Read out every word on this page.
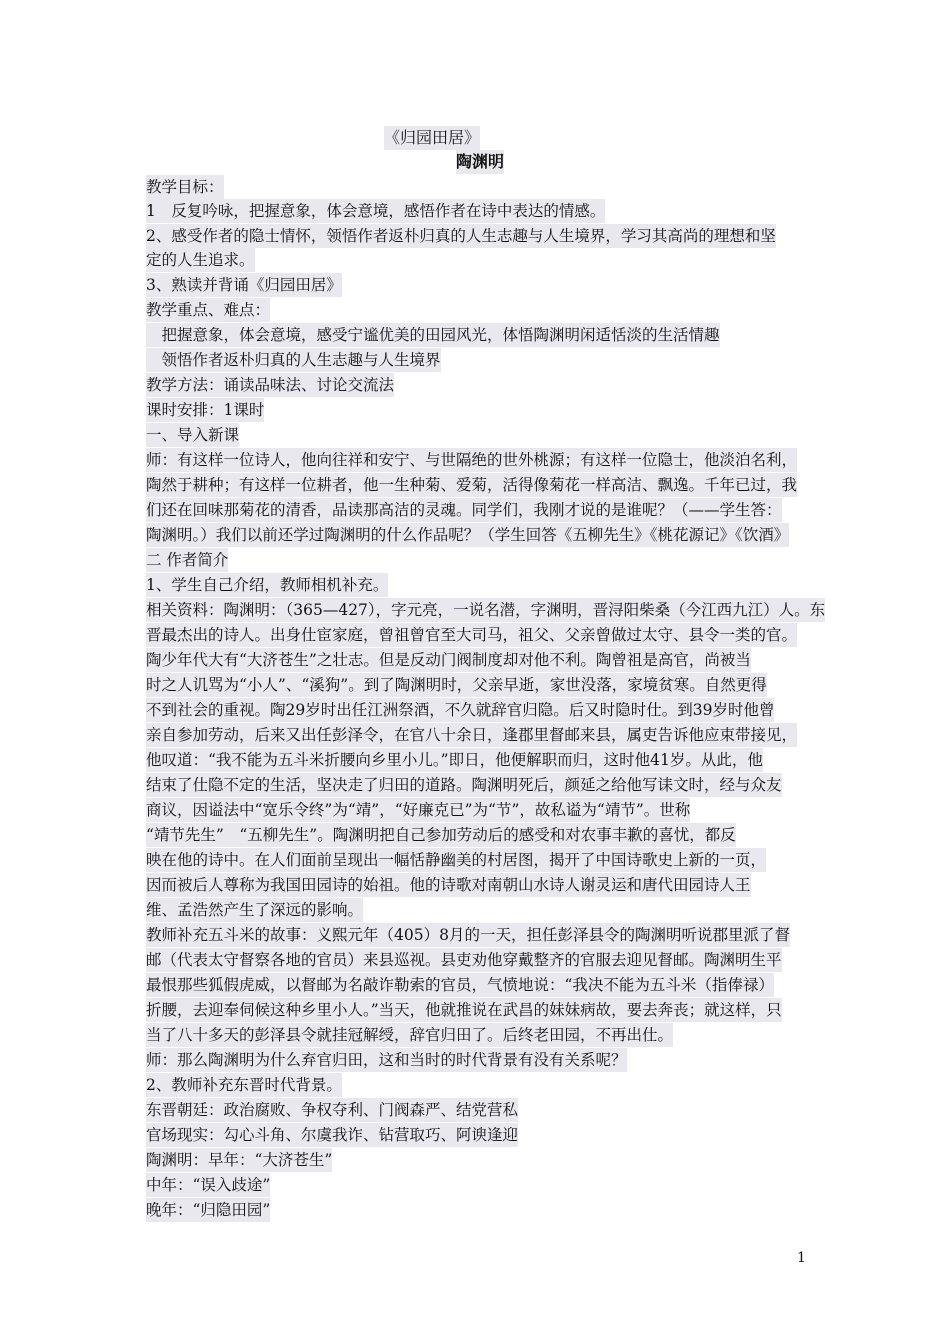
《归园田居》
陶渊明
教学目标：
1　反复吟咏，把握意象，体会意境，感悟作者在诗中表达的情感。
2、感受作者的隐士情怀，领悟作者返朴归真的人生志趣与人生境界，学习其高尚的理想和坚
定的人生追求。
3、熟读并背诵《归园田居》
教学重点、难点：
　把握意象，体会意境，感受宁谧优美的田园风光，体悟陶渊明闲适恬淡的生活情趣
　领悟作者返朴归真的人生志趣与人生境界
教学方法：诵读品味法、讨论交流法
课时安排：1课时
一、导入新课
师：有这样一位诗人，他向往祥和安宁、与世隔绝的世外桃源；有这样一位隐士，他淡泊名利，
陶然于耕种；有这样一位耕者，他一生种菊、爱菊，活得像菊花一样高洁、飘逸。千年已过，我
们还在回味那菊花的清香，品读那高洁的灵魂。同学们，我刚才说的是谁呢？（——学生答：
陶渊明。）我们以前还学过陶渊明的什么作品呢？（学生回答《五柳先生》《桃花源记》《饮酒》
二 作者简介
1、学生自己介绍，教师相机补充。
相关资料：陶渊明：（365—427），字元亮，一说名潜，字渊明，晋浔阳柴桑（今江西九江）人。东
晋最杰出的诗人。出身仕宦家庭，曾祖曾官至大司马，祖父、父亲曾做过太守、县令一类的官。
陶少年代大有“大济苍生”之壮志。但是反动门阀制度却对他不利。陶曾祖是高官，尚被当
时之人讥骂为“小人”、“溪狗”。到了陶渊明时，父亲早逝，家世没落，家境贫寒。自然更得
不到社会的重视。陶29岁时出任江洲祭酒，不久就辞官归隐。后又时隐时仕。到39岁时他曾
亲自参加劳动，后来又出任彭泽令，在官八十余日，逢郡里督邮来县，属吏告诉他应束带接见，
他叹道：“我不能为五斗米折腰向乡里小儿。”即日，他便解职而归，这时他41岁。从此，他
结束了仕隐不定的生活，坚决走了归田的道路。陶渊明死后，颜延之给他写诔文时，经与众友
商议，因谥法中“宽乐令终”为“靖”，“好廉克已”为“节”，故私谥为“靖节”。世称
“靖节先生”　“五柳先生”。陶渊明把自己参加劳动后的感受和对农事丰歉的喜忧，都反
映在他的诗中。在人们面前呈现出一幅恬静幽美的村居图，揭开了中国诗歌史上新的一页，
因而被后人尊称为我国田园诗的始祖。他的诗歌对南朝山水诗人谢灵运和唐代田园诗人王
维、孟浩然产生了深远的影响。
教师补充五斗米的故事：义熙元年（405）8月的一天，担任彭泽县令的陶渊明听说郡里派了督
邮（代表太守督察各地的官员）来县巡视。县吏劝他穿戴整齐的官服去迎见督邮。陶渊明生平
最恨那些狐假虎威，以督邮为名敲诈勒索的官员，气愤地说：“我决不能为五斗米（指俸禄）
折腰，去迎奉伺候这种乡里小人。”当天，他就推说在武昌的妹妹病故，要去奔丧；就这样，只
当了八十多天的彭泽县令就挂冠解绶，辞官归田了。后终老田园，不再出仕。
师：那么陶渊明为什么弃官归田，这和当时的时代背景有没有关系呢？
2、教师补充东晋时代背景。
东晋朝廷：政治腐败、争权夺利、门阀森严、结党营私
官场现实：勾心斗角、尔虞我诈、钻营取巧、阿谀逢迎
陶渊明：早年：“大济苍生”
中年：“误入歧途”
晚年：“归隐田园”
1
